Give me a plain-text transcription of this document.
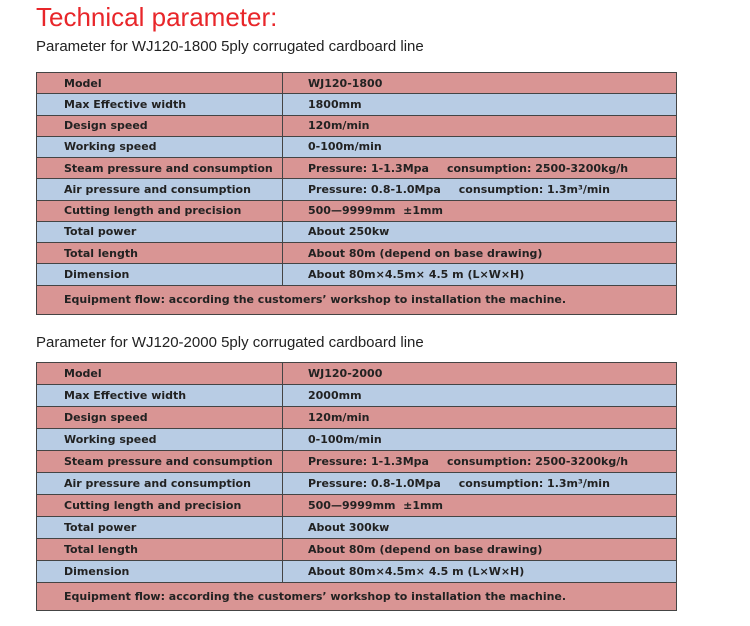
Technical parameter:
Parameter for WJ120-1800 5ply corrugated cardboard line
Model	WJ120-1800
Max Effective width	1800mm
Design speed	120m/min
Working speed	0-100m/min
Steam pressure and consumption	Pressure: 1-1.3Mpa consumption: 2500-3200kg/h
Air pressure and consumption	Pressure: 0.8-1.0Mpa consumption: 1.3m³/min
Cutting length and precision	500—9999mm  ±1mm
Total power	About 250kw
Total length	About 80m (depend on base drawing)
Dimension	About 80m×4.5m× 4.5 m (L×W×H)
Equipment flow: according the customers’ workshop to installation the machine.	
Parameter for WJ120-2000 5ply corrugated cardboard line
Model	WJ120-2000
Max Effective width	2000mm
Design speed	120m/min
Working speed	0-100m/min
Steam pressure and consumption	Pressure: 1-1.3Mpa consumption: 2500-3200kg/h
Air pressure and consumption	Pressure: 0.8-1.0Mpa consumption: 1.3m³/min
Cutting length and precision	500—9999mm  ±1mm
Total power	About 300kw
Total length	About 80m (depend on base drawing)
Dimension	About 80m×4.5m× 4.5 m (L×W×H)
Equipment flow: according the customers’ workshop to installation the machine.	
